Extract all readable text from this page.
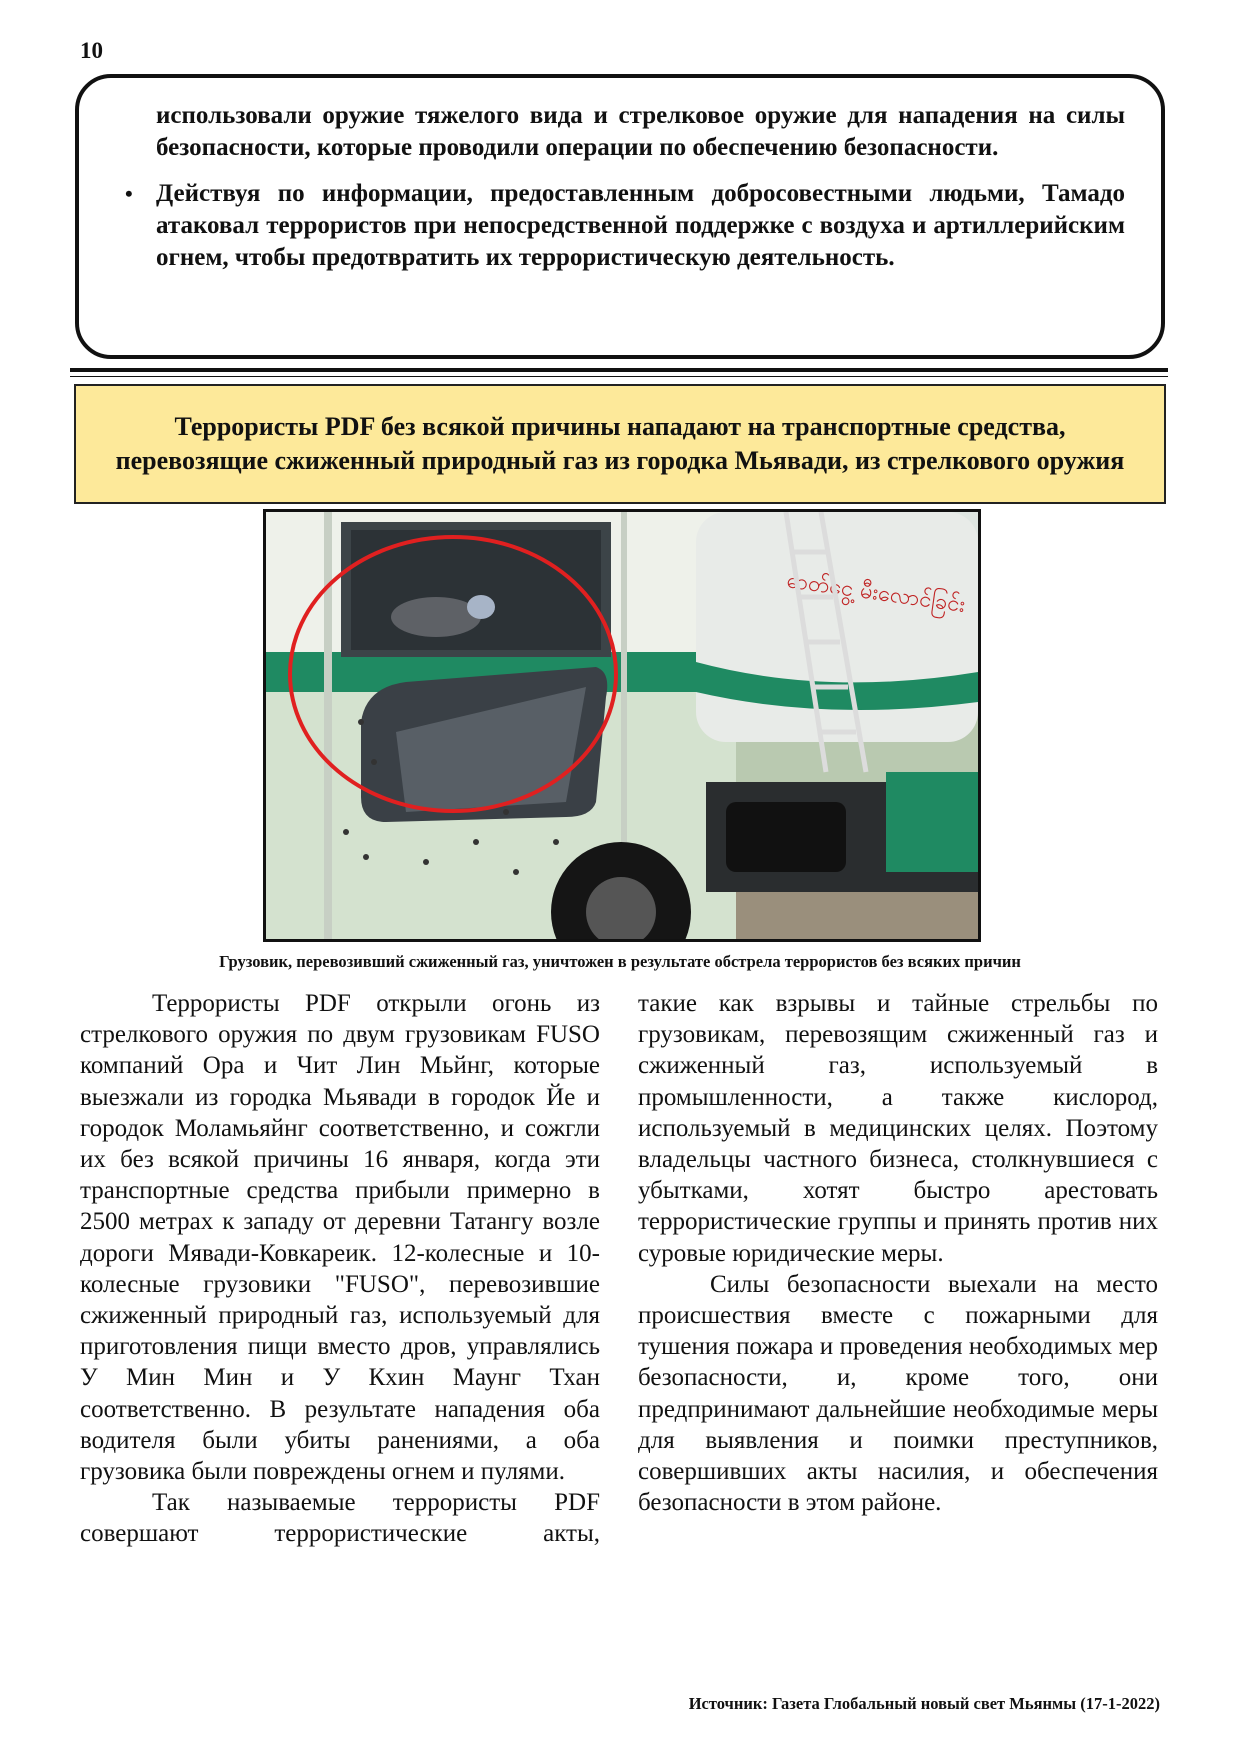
10

использовали оружие тяжелого вида и стрелковое оружие для нападения на силы безопасности, которые проводили операции по обеспечению безопасности.

• Действуя по информации, предоставленным добросовестными людьми, Тамадо атаковал террористов при непосредственной поддержке с воздуха и артиллерийским огнем, чтобы предотвратить их террористическую деятельность.

Террористы PDF без всякой причины нападают на транспортные средства, перевозящие сжиженный природный газ из городка Мьявади, из стрелкового оружия
ဓာတ်ငွေ့ မီးလောင်ခြင်း
Грузовик, перевозивший сжиженный газ, уничтожен в результате обстрела террористов без всяких причин

Террористы PDF открыли огонь из стрелкового оружия по двум грузовикам FUSO компаний Ора и Чит Лин Мьйнг, которые выезжали из городка Мьявади в городок Йе и городок Моламьяйнг соответственно, и сожгли их без всякой причины 16 января, когда эти транспортные средства прибыли примерно в 2500 метрах к западу от деревни Татангу возле дороги Мявади-Ковкареик. 12-колесные и 10-колесные грузовики "FUSO", перевозившие сжиженный природный газ, используемый для приготовления пищи вместо дров, управлялись У Мин Мин и У Кхин Маунг Тхан соответственно. В результате нападения оба водителя были убиты ранениями, а оба грузовика были повреждены огнем и пулями.

Так называемые террористы PDF совершают террористические акты,

такие как взрывы и тайные стрельбы по грузовикам, перевозящим сжиженный газ и сжиженный газ, используемый в промышленности, а также кислород, используемый в медицинских целях. Поэтому владельцы частного бизнеса, столкнувшиеся с убытками, хотят быстро арестовать террористические группы и принять против них суровые юридические меры.

Силы безопасности выехали на место происшествия вместе с пожарными для тушения пожара и проведения необходимых мер безопасности, и, кроме того, они предпринимают дальнейшие необходимые меры для выявления и поимки преступников, совершивших акты насилия, и обеспечения безопасности в этом районе.

Источник: Газета Глобальный новый свет Мьянмы (17-1-2022)
